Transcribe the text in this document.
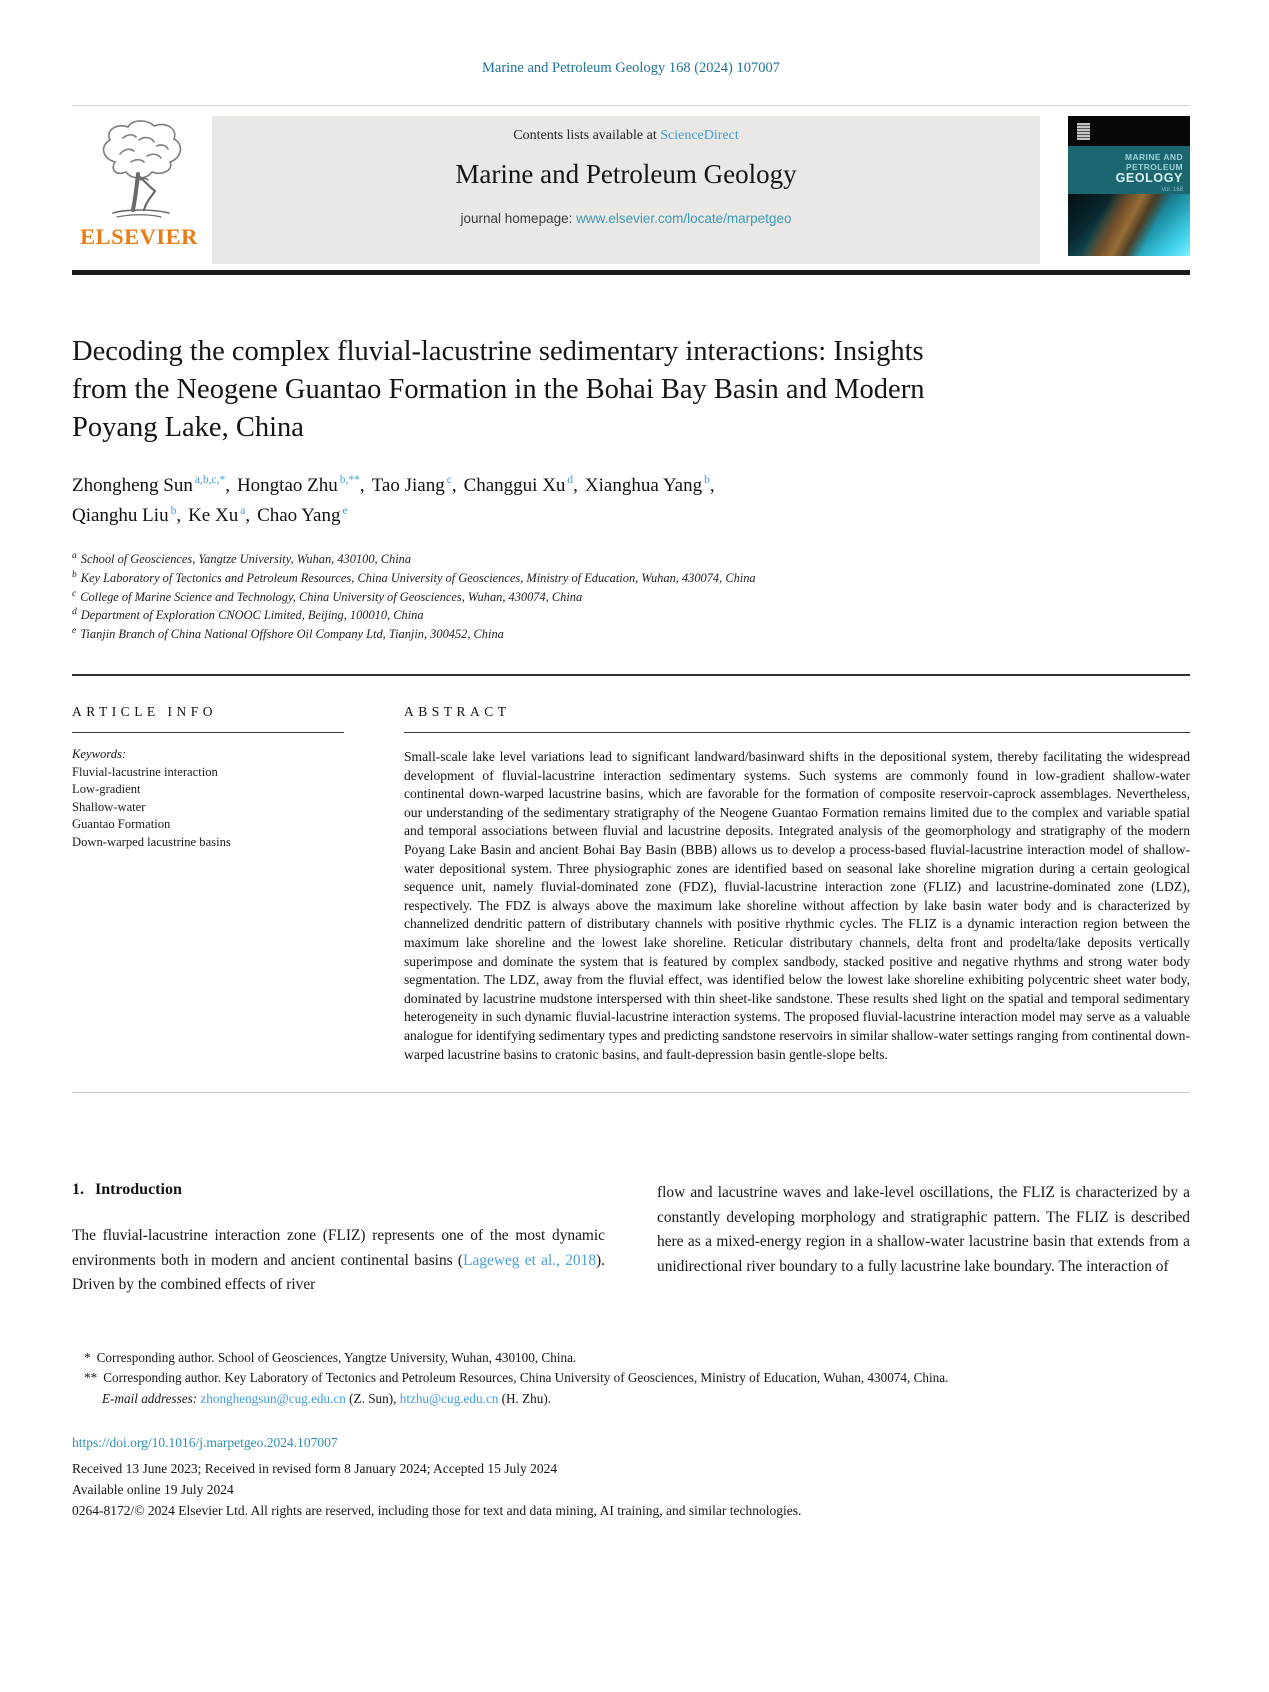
Marine and Petroleum Geology 168 (2024) 107007
ELSEVIER
Contents lists available at ScienceDirect
Marine and Petroleum Geology
journal homepage: www.elsevier.com/locate/marpetgeo
MARINE AND
PETROLEUM
GEOLOGY
Vol. 168
Decoding the complex fluvial-lacustrine sedimentary interactions: Insights
from the Neogene Guantao Formation in the Bohai Bay Basin and Modern
Poyang Lake, China
Zhongheng Sun $^{a,b,c,*}$, Hongtao Zhu $^{b,**}$, Tao Jiang $^c$, Changgui Xu $^d$, Xianghua Yang $^b$,
Qianghu Liu $^b$, Ke Xu $^a$, Chao Yang $^e$
$^a$ School of Geosciences, Yangtze University, Wuhan, 430100, China
$^b$ Key Laboratory of Tectonics and Petroleum Resources, China University of Geosciences, Ministry of Education, Wuhan, 430074, China
$^c$ College of Marine Science and Technology, China University of Geosciences, Wuhan, 430074, China
$^d$ Department of Exploration CNOOC Limited, Beijing, 100010, China
$^e$ Tianjin Branch of China National Offshore Oil Company Ltd, Tianjin, 300452, China
ARTICLE INFO
Keywords:
Fluvial-lacustrine interaction
Low-gradient
Shallow-water
Guantao Formation
Down-warped lacustrine basins
ABSTRACT

Small-scale lake level variations lead to significant landward/basinward shifts in the depositional system, thereby facilitating the widespread development of fluvial-lacustrine interaction sedimentary systems. Such systems are commonly found in low-gradient shallow-water continental down-warped lacustrine basins, which are favorable for the formation of composite reservoir-caprock assemblages. Nevertheless, our understanding of the sedimentary stratigraphy of the Neogene Guantao Formation remains limited due to the complex and variable spatial and temporal associations between fluvial and lacustrine deposits. Integrated analysis of the geomorphology and stratigraphy of the modern Poyang Lake Basin and ancient Bohai Bay Basin (BBB) allows us to develop a process-based fluvial-lacustrine interaction model of shallow-water depositional system. Three physiographic zones are identified based on seasonal lake shoreline migration during a certain geological sequence unit, namely fluvial-dominated zone (FDZ), fluvial-lacustrine interaction zone (FLIZ) and lacustrine-dominated zone (LDZ), respectively. The FDZ is always above the maximum lake shoreline without affection by lake basin water body and is characterized by channelized dendritic pattern of distributary channels with positive rhythmic cycles. The FLIZ is a dynamic interaction region between the maximum lake shoreline and the lowest lake shoreline. Reticular distributary channels, delta front and prodelta/lake deposits vertically superimpose and dominate the system that is featured by complex sandbody, stacked positive and negative rhythms and strong water body segmentation. The LDZ, away from the fluvial effect, was identified below the lowest lake shoreline exhibiting polycentric sheet water body, dominated by lacustrine mudstone interspersed with thin sheet-like sandstone. These results shed light on the spatial and temporal sedimentary heterogeneity in such dynamic fluvial-lacustrine interaction systems. The proposed fluvial-lacustrine interaction model may serve as a valuable analogue for identifying sedimentary types and predicting sandstone reservoirs in similar shallow-water settings ranging from continental down-warped lacustrine basins to cratonic basins, and fault-depression basin gentle-slope belts.

1. Introduction

The fluvial-lacustrine interaction zone (FLIZ) represents one of the most dynamic environments both in modern and ancient continental basins (Lageweg et al., 2018). Driven by the combined effects of river

flow and lacustrine waves and lake-level oscillations, the FLIZ is characterized by a constantly developing morphology and stratigraphic pattern. The FLIZ is described here as a mixed-energy region in a shallow-water lacustrine basin that extends from a unidirectional river boundary to a fully lacustrine lake boundary. The interaction of

* Corresponding author. School of Geosciences, Yangtze University, Wuhan, 430100, China.
** Corresponding author. Key Laboratory of Tectonics and Petroleum Resources, China University of Geosciences, Ministry of Education, Wuhan, 430074, China.
E-mail addresses: zhonghengsun@cug.edu.cn (Z. Sun), htzhu@cug.edu.cn (H. Zhu).
https://doi.org/10.1016/j.marpetgeo.2024.107007
Received 13 June 2023; Received in revised form 8 January 2024; Accepted 15 July 2024
Available online 19 July 2024
0264-8172/© 2024 Elsevier Ltd. All rights are reserved, including those for text and data mining, AI training, and similar technologies.
